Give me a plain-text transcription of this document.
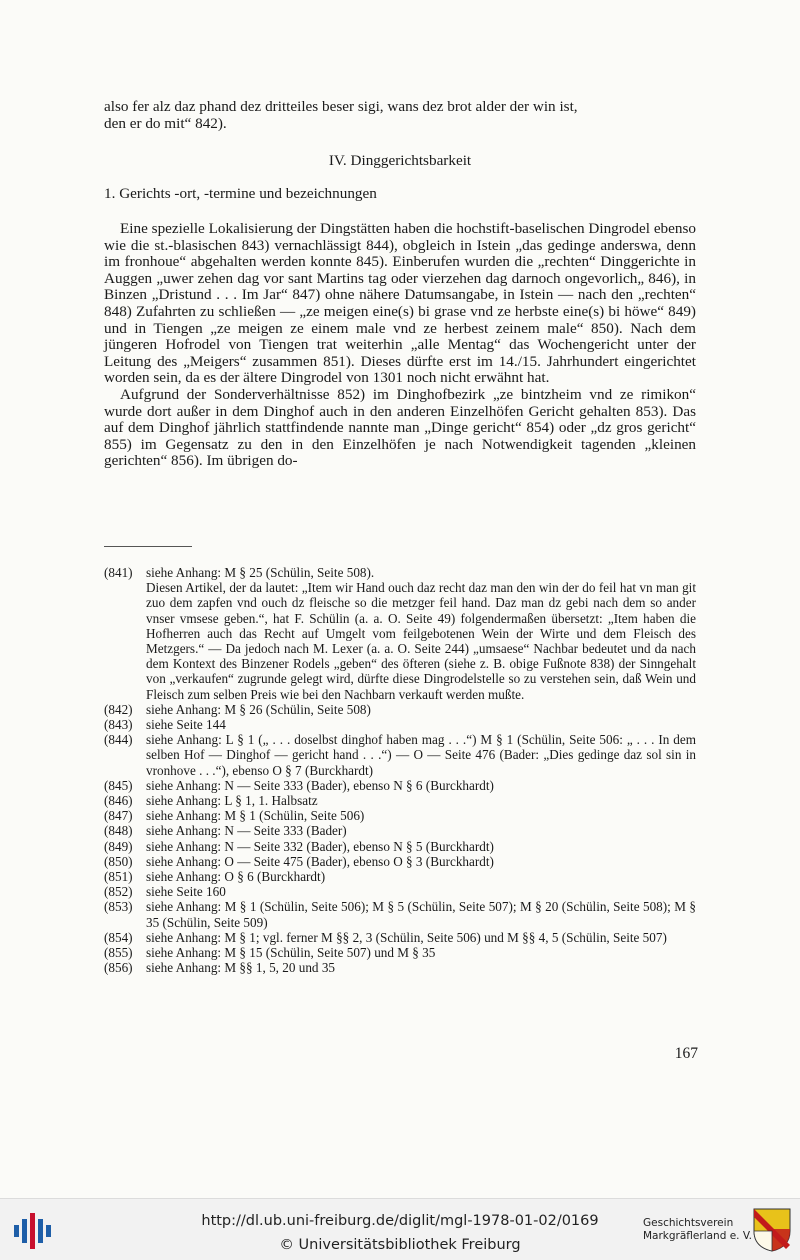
also fer alz daz phand dez dritteiles beser sigi, wans dez brot alder der win ist,

den er do mit“ 842).

IV. Dinggerichtsbarkeit
1. Gerichts -ort, -termine und bezeichnungen

Eine spezielle Lokalisierung der Dingstätten haben die hochstift-baselischen Dingrodel ebenso wie die st.-blasischen 843) vernachlässigt 844), obgleich in Istein „das gedinge anderswa, denn im fronhoue“ abgehalten werden konnte 845). Einberufen wurden die „rechten“ Dinggerichte in Auggen „uwer zehen dag vor sant Martins tag oder vierzehen dag darnoch ongevorlich„ 846), in Binzen „Dristund . . . Im Jar“ 847) ohne nähere Datumsangabe, in Istein — nach den „rechten“ 848) Zufahrten zu schließen — „ze meigen eine(s) bi grase vnd ze herbste eine(s) bi höwe“ 849) und in Tiengen „ze meigen ze einem male vnd ze herbest zeinem male“ 850). Nach dem jüngeren Hofrodel von Tiengen trat weiterhin „alle Mentag“ das Wochengericht unter der Leitung des „Meigers“ zusammen 851). Dieses dürfte erst im 14./15. Jahrhundert eingerichtet worden sein, da es der ältere Dingrodel von 1301 noch nicht erwähnt hat.

Aufgrund der Sonderverhältnisse 852) im Dinghofbezirk „ze bintzheim vnd ze rimikon“ wurde dort außer in dem Dinghof auch in den anderen Einzelhöfen Gericht gehalten 853). Das auf dem Dinghof jährlich stattfindende nannte man „Dinge gericht“ 854) oder „dz gros gericht“ 855) im Gegensatz zu den in den Einzelhöfen je nach Notwendigkeit tagenden „kleinen gerichten“ 856). Im übrigen do-

(841)	siehe Anhang: M § 25 (Schülin, Seite 508).
Diesen Artikel, der da lautet: „Item wir Hand ouch daz recht daz man den win der do feil hat vn man git zuo dem zapfen vnd ouch dz fleische so die metzger feil hand. Daz man dz gebi nach dem so ander vnser vmsese geben.“, hat F. Schülin (a. a. O. Seite 49) folgendermaßen übersetzt: „Item haben die Hofherren auch das Recht auf Umgelt vom feilgebotenen Wein der Wirte und dem Fleisch des Metzgers.“ — Da jedoch nach M. Lexer (a. a. O. Seite 244) „umsaese“ Nachbar bedeutet und da nach dem Kontext des Binzener Rodels „geben“ des öfteren (siehe z. B. obige Fußnote 838) der Sinngehalt von „verkaufen“ zugrunde gelegt wird, dürfte diese Dingrodelstelle so zu verstehen sein, daß Wein und Fleisch zum selben Preis wie bei den Nachbarn verkauft werden mußte.
(842)	siehe Anhang: M § 26 (Schülin, Seite 508)
(843)	siehe Seite 144
(844)	siehe Anhang: L § 1 („ . . . doselbst dinghof haben mag . . .“) M § 1 (Schülin, Seite 506: „ . . . In dem selben Hof — Dinghof — gericht hand . . .“) — O — Seite 476 (Bader: „Dies gedinge daz sol sin in vronhove . . .“), ebenso O § 7 (Burckhardt)
(845)	siehe Anhang: N — Seite 333 (Bader), ebenso N § 6 (Burckhardt)
(846)	siehe Anhang: L § 1, 1. Halbsatz
(847)	siehe Anhang: M § 1 (Schülin, Seite 506)
(848)	siehe Anhang: N — Seite 333 (Bader)
(849)	siehe Anhang: N — Seite 332 (Bader), ebenso N § 5 (Burckhardt)
(850)	siehe Anhang: O — Seite 475 (Bader), ebenso O § 3 (Burckhardt)
(851)	siehe Anhang: O § 6 (Burckhardt)
(852)	siehe Seite 160
(853)	siehe Anhang: M § 1 (Schülin, Seite 506); M § 5 (Schülin, Seite 507); M § 20 (Schülin, Seite 508); M § 35 (Schülin, Seite 509)
(854)	siehe Anhang: M § 1; vgl. ferner M §§ 2, 3 (Schülin, Seite 506) und M §§ 4, 5 (Schülin, Seite 507)
(855)	siehe Anhang: M § 15 (Schülin, Seite 507) und M § 35
(856)	siehe Anhang: M §§ 1, 5, 20 und 35
167
http://dl.ub.uni-freiburg.de/diglit/mgl-1978-01-02/0169
© Universitätsbibliothek Freiburg
Geschichtsverein
Markgräflerland e. V.
